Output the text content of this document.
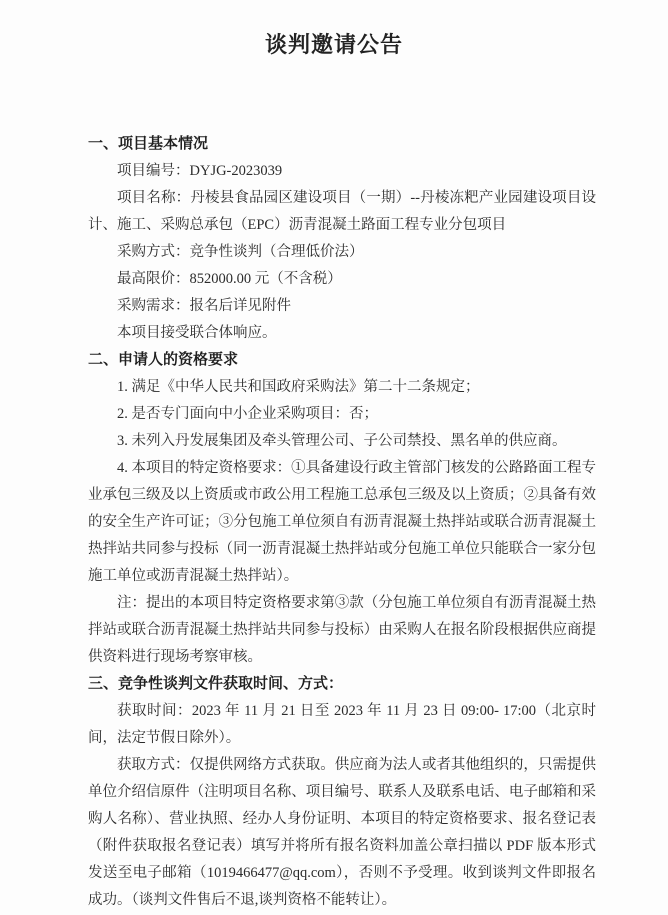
谈判邀请公告
一、项目基本情况

项目编号：DYJG-2023039

项目名称：丹棱县食品园区建设项目（一期）--丹棱冻粑产业园建设项目设计、施工、采购总承包（EPC）沥青混凝土路面工程专业分包项目

采购方式：竞争性谈判（合理低价法）

最高限价：852000.00 元（不含税）

采购需求：报名后详见附件

本项目接受联合体响应。

二、申请人的资格要求

1. 满足《中华人民共和国政府采购法》第二十二条规定；

2. 是否专门面向中小企业采购项目：否；

3. 未列入丹发展集团及牵头管理公司、子公司禁投、黑名单的供应商。

4. 本项目的特定资格要求：①具备建设行政主管部门核发的公路路面工程专业承包三级及以上资质或市政公用工程施工总承包三级及以上资质；②具备有效的安全生产许可证；③分包施工单位须自有沥青混凝土热拌站或联合沥青混凝土热拌站共同参与投标（同一沥青混凝土热拌站或分包施工单位只能联合一家分包施工单位或沥青混凝土热拌站）。

注：提出的本项目特定资格要求第③款（分包施工单位须自有沥青混凝土热拌站或联合沥青混凝土热拌站共同参与投标）由采购人在报名阶段根据供应商提供资料进行现场考察审核。

三、竞争性谈判文件获取时间、方式：

获取时间：2023 年 11 月 21 日至 2023 年 11 月 23 日 09:00- 17:00（北京时间，法定节假日除外）。

获取方式：仅提供网络方式获取。供应商为法人或者其他组织的，只需提供单位介绍信原件（注明项目名称、项目编号、联系人及联系电话、电子邮箱和采购人名称）、营业执照、经办人身份证明、本项目的特定资格要求、报名登记表（附件获取报名登记表）填写并将所有报名资料加盖公章扫描以 PDF 版本形式发送至电子邮箱（1019466477@qq.com），否则不予受理。收到谈判文件即报名成功。（谈判文件售后不退,谈判资格不能转让）。
